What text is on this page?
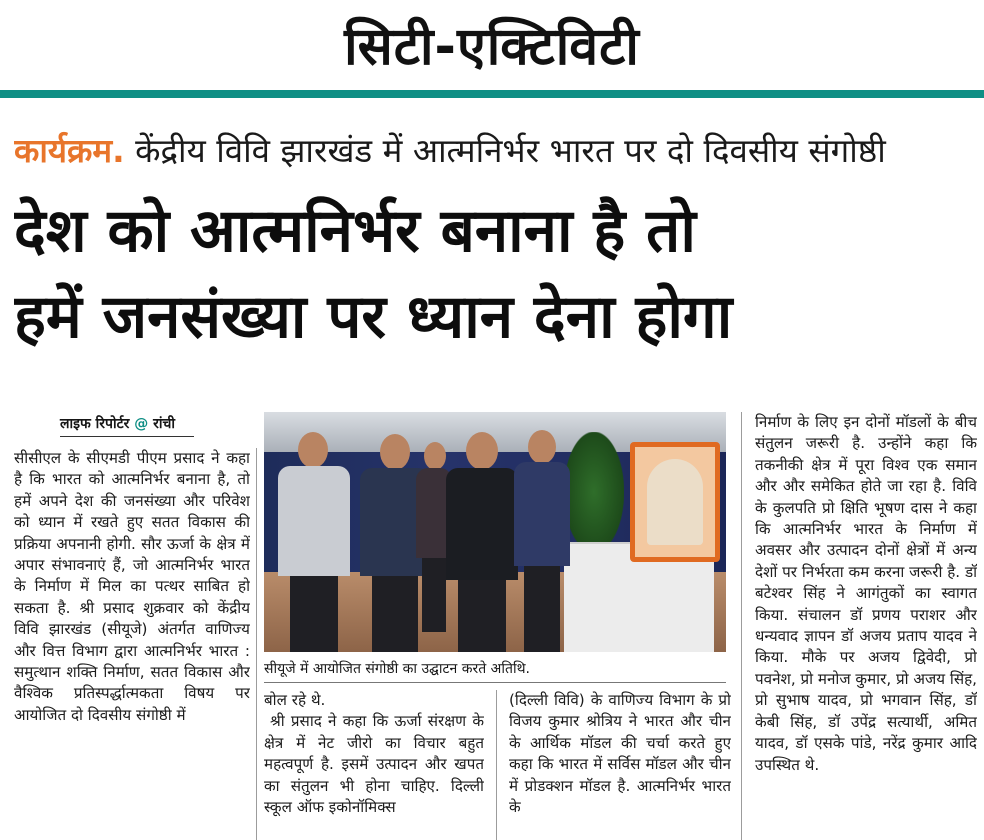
सिटी-एक्टिविटी
कार्यक्रम. केंद्रीय विवि झारखंड में आत्मनिर्भर भारत पर दो दिवसीय संगोष्ठी
देश को आत्मनिर्भर बनाना है तो
हमें जनसंख्या पर ध्यान देना होगा
लाइफ रिपोर्टर @ रांची

सीसीएल के सीएमडी पीएम प्रसाद ने कहा है कि भारत को आत्मनिर्भर बनाना है, तो हमें अपने देश की जनसंख्या और परिवेश को ध्यान में रखते हुए सतत विकास की प्रक्रिया अपनानी होगी. सौर ऊर्जा के क्षेत्र में अपार संभावनाएं हैं, जो आत्मनिर्भर भारत के निर्माण में मिल का पत्थर साबित हो सकता है. श्री प्रसाद शुक्रवार को केंद्रीय विवि झारखंड (सीयूजे) अंतर्गत वाणिज्य और वित्त विभाग द्वारा आत्मनिर्भर भारत : समुत्थान शक्ति निर्माण, सतत विकास और वैश्विक प्रतिस्पर्द्धात्मकता विषय पर आयोजित दो दिवसीय संगोष्ठी में

सीयूजे में आयोजित संगोष्ठी का उद्घाटन करते अतिथि.

बोल रहे थे.

श्री प्रसाद ने कहा कि ऊर्जा संरक्षण के क्षेत्र में नेट जीरो का विचार बहुत महत्वपूर्ण है. इसमें उत्पादन और खपत का संतुलन भी होना चाहिए. दिल्ली स्कूल ऑफ इकोनॉमिक्स

(दिल्ली विवि) के वाणिज्य विभाग के प्रो विजय कुमार श्रोत्रिय ने भारत और चीन के आर्थिक मॉडल की चर्चा करते हुए कहा कि भारत में सर्विस मॉडल और चीन में प्रोडक्शन मॉडल है. आत्मनिर्भर भारत के

निर्माण के लिए इन दोनों मॉडलों के बीच संतुलन जरूरी है. उन्होंने कहा कि तकनीकी क्षेत्र में पूरा विश्व एक समान और और समेकित होते जा रहा है. विवि के कुलपति प्रो क्षिति भूषण दास ने कहा कि आत्मनिर्भर भारत के निर्माण में अवसर और उत्पादन दोनों क्षेत्रों में अन्य देशों पर निर्भरता कम करना जरूरी है. डॉ बटेश्वर सिंह ने आगंतुकों का स्वागत किया. संचालन डॉ प्रणय पराशर और धन्यवाद ज्ञापन डॉ अजय प्रताप यादव ने किया. मौके पर अजय द्विवेदी, प्रो पवनेश, प्रो मनोज कुमार, प्रो अजय सिंह, प्रो सुभाष यादव, प्रो भगवान सिंह, डॉ केबी सिंह, डॉ उपेंद्र सत्यार्थी, अमित यादव, डॉ एसके पांडे, नरेंद्र कुमार आदि उपस्थित थे.
